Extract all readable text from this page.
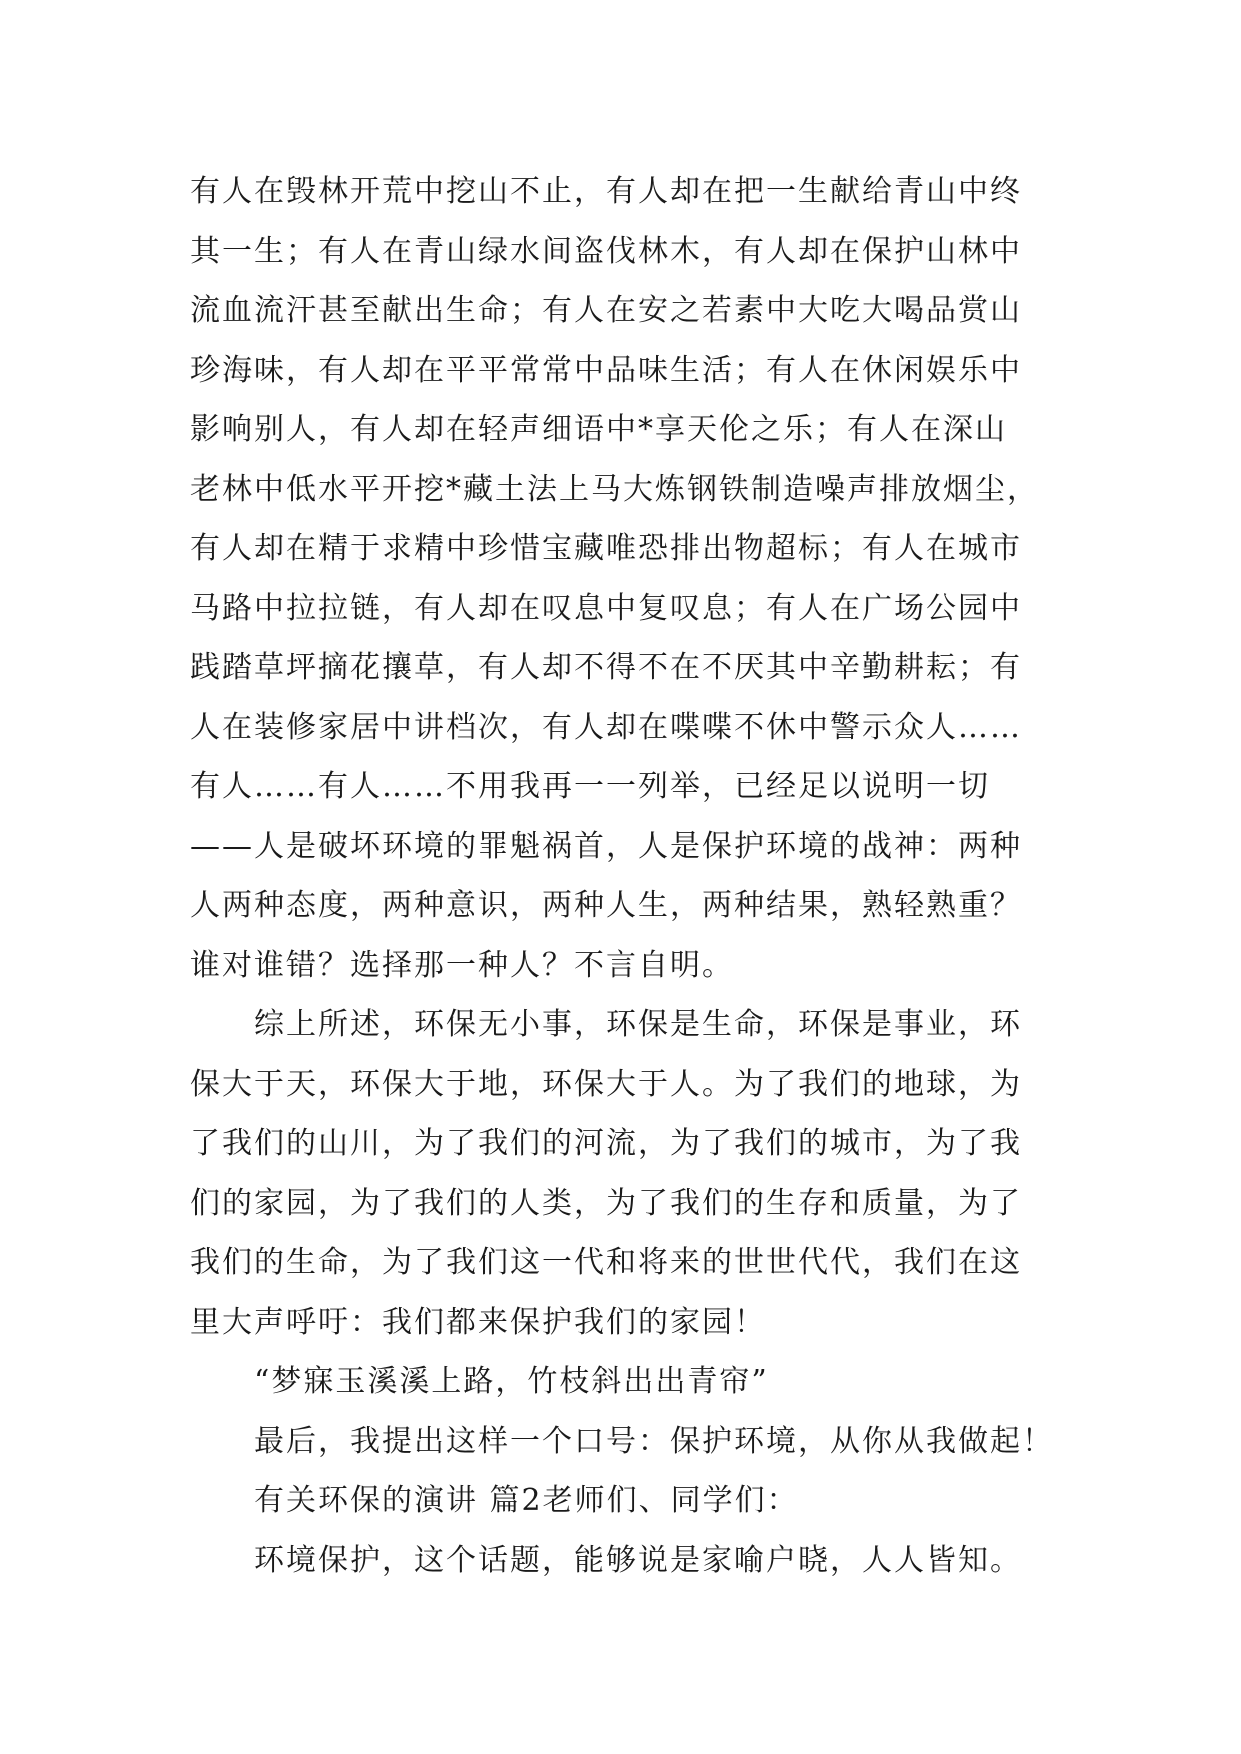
有人在毁林开荒中挖山不止，有人却在把一生献给青山中终
其一生；有人在青山绿水间盗伐林木，有人却在保护山林中
流血流汗甚至献出生命；有人在安之若素中大吃大喝品赏山
珍海味，有人却在平平常常中品味生活；有人在休闲娱乐中
影响别人，有人却在轻声细语中*享天伦之乐；有人在深山
老林中低水平开挖*藏土法上马大炼钢铁制造噪声排放烟尘，
有人却在精于求精中珍惜宝藏唯恐排出物超标；有人在城市
马路中拉拉链，有人却在叹息中复叹息；有人在广场公园中
践踏草坪摘花攘草，有人却不得不在不厌其中辛勤耕耘；有
人在装修家居中讲档次，有人却在喋喋不休中警示众人……
有人……有人……不用我再一一列举，已经足以说明一切
——人是破坏环境的罪魁祸首，人是保护环境的战神：两种
人两种态度，两种意识，两种人生，两种结果，熟轻熟重？
谁对谁错？选择那一种人？不言自明。
综上所述，环保无小事，环保是生命，环保是事业，环
保大于天，环保大于地，环保大于人。为了我们的地球，为
了我们的山川，为了我们的河流，为了我们的城市，为了我
们的家园，为了我们的人类，为了我们的生存和质量，为了
我们的生命，为了我们这一代和将来的世世代代，我们在这
里大声呼吁：我们都来保护我们的家园！
“梦寐玉溪溪上路，竹枝斜出出青帘”
最后，我提出这样一个口号：保护环境，从你从我做起！
有关环保的演讲 篇2老师们、同学们：
环境保护，这个话题，能够说是家喻户晓，人人皆知。
